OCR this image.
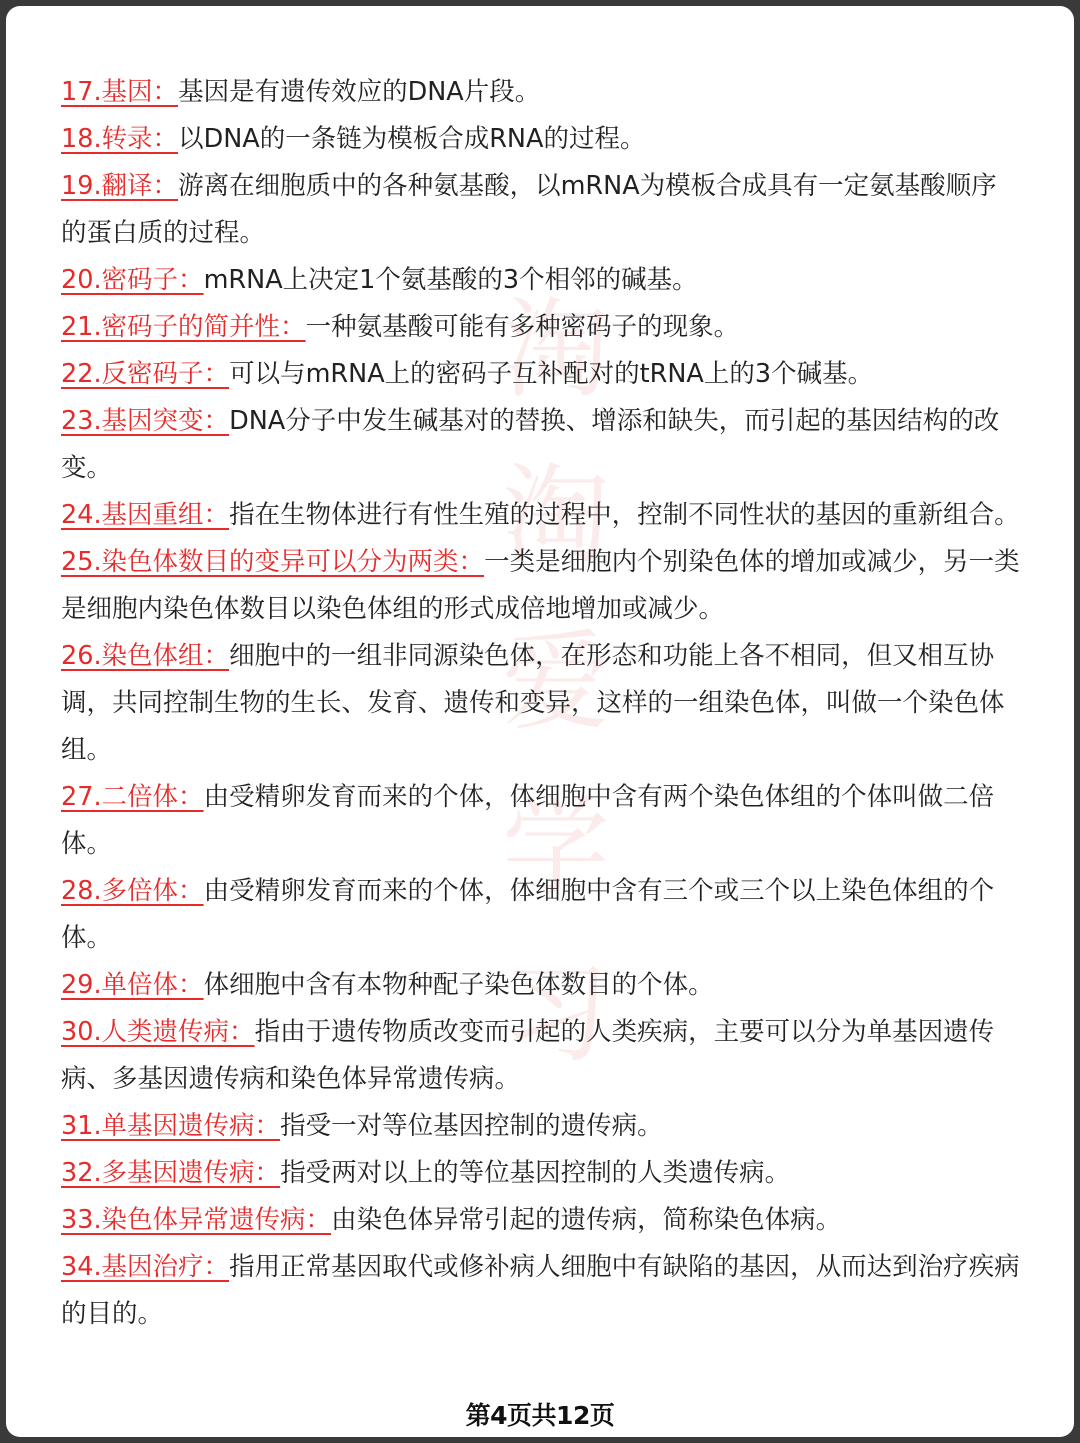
淘
淘
爱
学
习

17.基因：基因是有遗传效应的DNA片段。

18.转录：以DNA的一条链为模板合成RNA的过程。

19.翻译：游离在细胞质中的各种氨基酸，以mRNA为模板合成具有一定氨基酸顺序的蛋白质的过程。

20.密码子：mRNA上决定1个氨基酸的3个相邻的碱基。

21.密码子的简并性：一种氨基酸可能有多种密码子的现象。

22.反密码子：可以与mRNA上的密码子互补配对的tRNA上的3个碱基。

23.基因突变：DNA分子中发生碱基对的替换、增添和缺失，而引起的基因结构的改变。

24.基因重组：指在生物体进行有性生殖的过程中，控制不同性状的基因的重新组合。

25.染色体数目的变异可以分为两类：一类是细胞内个别染色体的增加或减少，另一类是细胞内染色体数目以染色体组的形式成倍地增加或减少。

26.染色体组：细胞中的一组非同源染色体，在形态和功能上各不相同，但又相互协调，共同控制生物的生长、发育、遗传和变异，这样的一组染色体，叫做一个染色体组。

27.二倍体：由受精卵发育而来的个体，体细胞中含有两个染色体组的个体叫做二倍体。

28.多倍体：由受精卵发育而来的个体，体细胞中含有三个或三个以上染色体组的个体。

29.单倍体：体细胞中含有本物种配子染色体数目的个体。

30.人类遗传病：指由于遗传物质改变而引起的人类疾病，主要可以分为单基因遗传病、多基因遗传病和染色体异常遗传病。

31.单基因遗传病：指受一对等位基因控制的遗传病。

32.多基因遗传病：指受两对以上的等位基因控制的人类遗传病。

33.染色体异常遗传病：由染色体异常引起的遗传病，简称染色体病。

34.基因治疗：指用正常基因取代或修补病人细胞中有缺陷的基因，从而达到治疗疾病的目的。

第4页共12页
